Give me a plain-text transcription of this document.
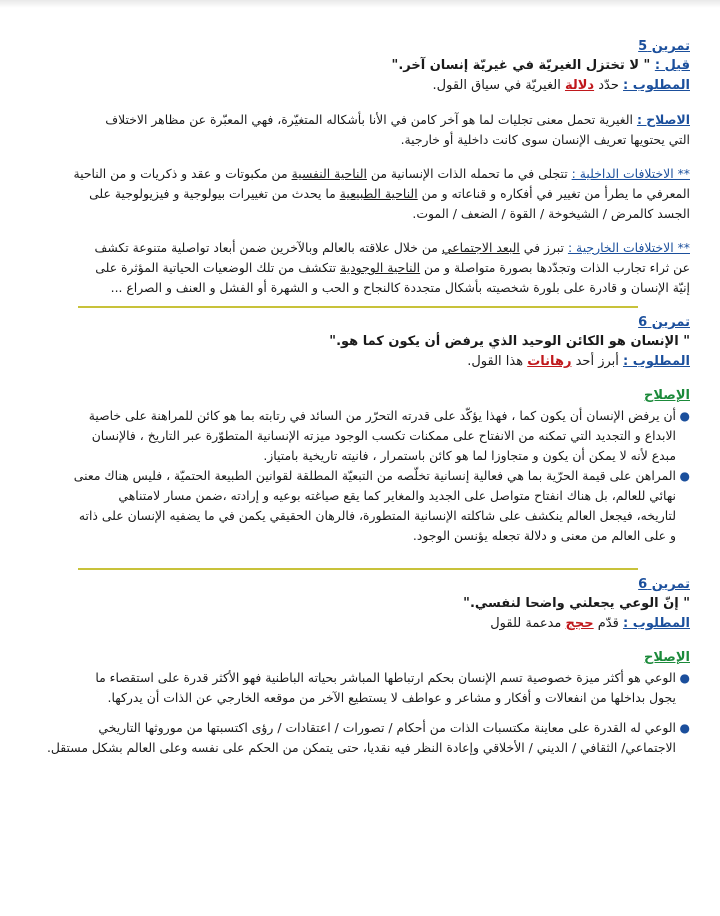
تمرين 5
قيل : " لا تختزل الغيريّة في غيريّة إنسان آخر."
المطلوب : حدّد دلالة الغيريّة في سياق القول.
الاصلاح : الغيرية تحمل معنى تجليات لما هو آخر كامن في الأنا بأشكاله المتغيّرة، فهي المعبّرة عن مظاهر الاختلاف
التي يحتويها تعريف الإنسان سوى كانت داخلية أو خارجية.
** الاختلافات الداخلية : تتجلى في ما تحمله الذات الإنسانية من الناحية النفسية من مكبوتات و عقد و ذكريات و من الناحية
المعرفي ما يطرأ من تغيير في أفكاره و قناعاته و من الناحية الطبيعية ما يحدث من تغييرات بيولوجية و فيزيولوجية على
الجسد كالمرض / الشيخوخة / القوة / الضعف / الموت.
** الاختلافات الخارجية : تبرز في البعد الاجتماعي من خلال علاقته بالعالم وبالآخرين ضمن أبعاد تواصلية متنوعة تكشف
عن ثراء تجارب الذات وتجدّدها بصورة متواصلة و من الناحية الوجودية تتكشف من تلك الوضعيات الحياتية المؤثرة على
إنيّة الإنسان و قادرة على بلورة شخصيته بأشكال متجددة كالنجاح و الحب و الشهرة أو الفشل و العنف و الصراع ...
تمرين 6
" الإنسان هو الكائن الوحيد الذي يرفض أن يكون كما هو."
المطلوب : أبرز أحد رهانات هذا القول.
الإصلاح
●
أن يرفض الإنسان أن يكون كما ، فهذا يؤكّد على قدرته التحرّر من السائد في رتابته بما هو كائن للمراهنة على خاصية
الابداع و التجديد التي تمكنه من الانفتاح على ممكنات تكسب الوجود ميزته الإنسانية المتطوّرة عبر التاريخ ، فالإنسان
مبدع لأنه لا يمكن أن يكون و متجاوزا لما هو كائن باستمرار ، فانيته تاريخية بامتياز.
●
المراهن على قيمة الحرّية بما هي فعالية إنسانية تخلّصه من التبعيّة المطلقة لقوانين الطبيعة الحتميّة ، فليس هناك معنى
نهائي للعالم، بل هناك انفتاح متواصل على الجديد والمغاير كما يقع صياغته بوعيه و إرادته ،ضمن مسار لامتناهي
لتاريخه، فيجعل العالم ينكشف على شاكلته الإنسانية المتطورة، فالرهان الحقيقي يكمن في ما يضفيه الإنسان على ذاته
و على العالم من معنى و دلالة تجعله يؤنسن الوجود.
تمرين 6
" إنّ الوعي يجعلني واضحا لنفسي."
المطلوب : قدّم حجج مدعمة للقول
الإصلاح
●
الوعي هو أكثر ميزة خصوصية تسم الإنسان بحكم ارتباطها المباشر بحياته الباطنية فهو الأكثر قدرة على استقصاء ما
يجول بداخلها من انفعالات و أفكار و مشاعر و عواطف لا يستطيع الآخر من موقعه الخارجي عن الذات أن يدركها.
●
الوعي له القدرة على معاينة مكتسبات الذات من أحكام / تصورات / اعتقادات / رؤى اكتسبتها من موروثها التاريخي
الاجتماعي/ الثقافي / الديني / الأخلاقي وإعادة النظر فيه نقديا، حتى يتمكن من الحكم على نفسه وعلى العالم بشكل مستقل.
